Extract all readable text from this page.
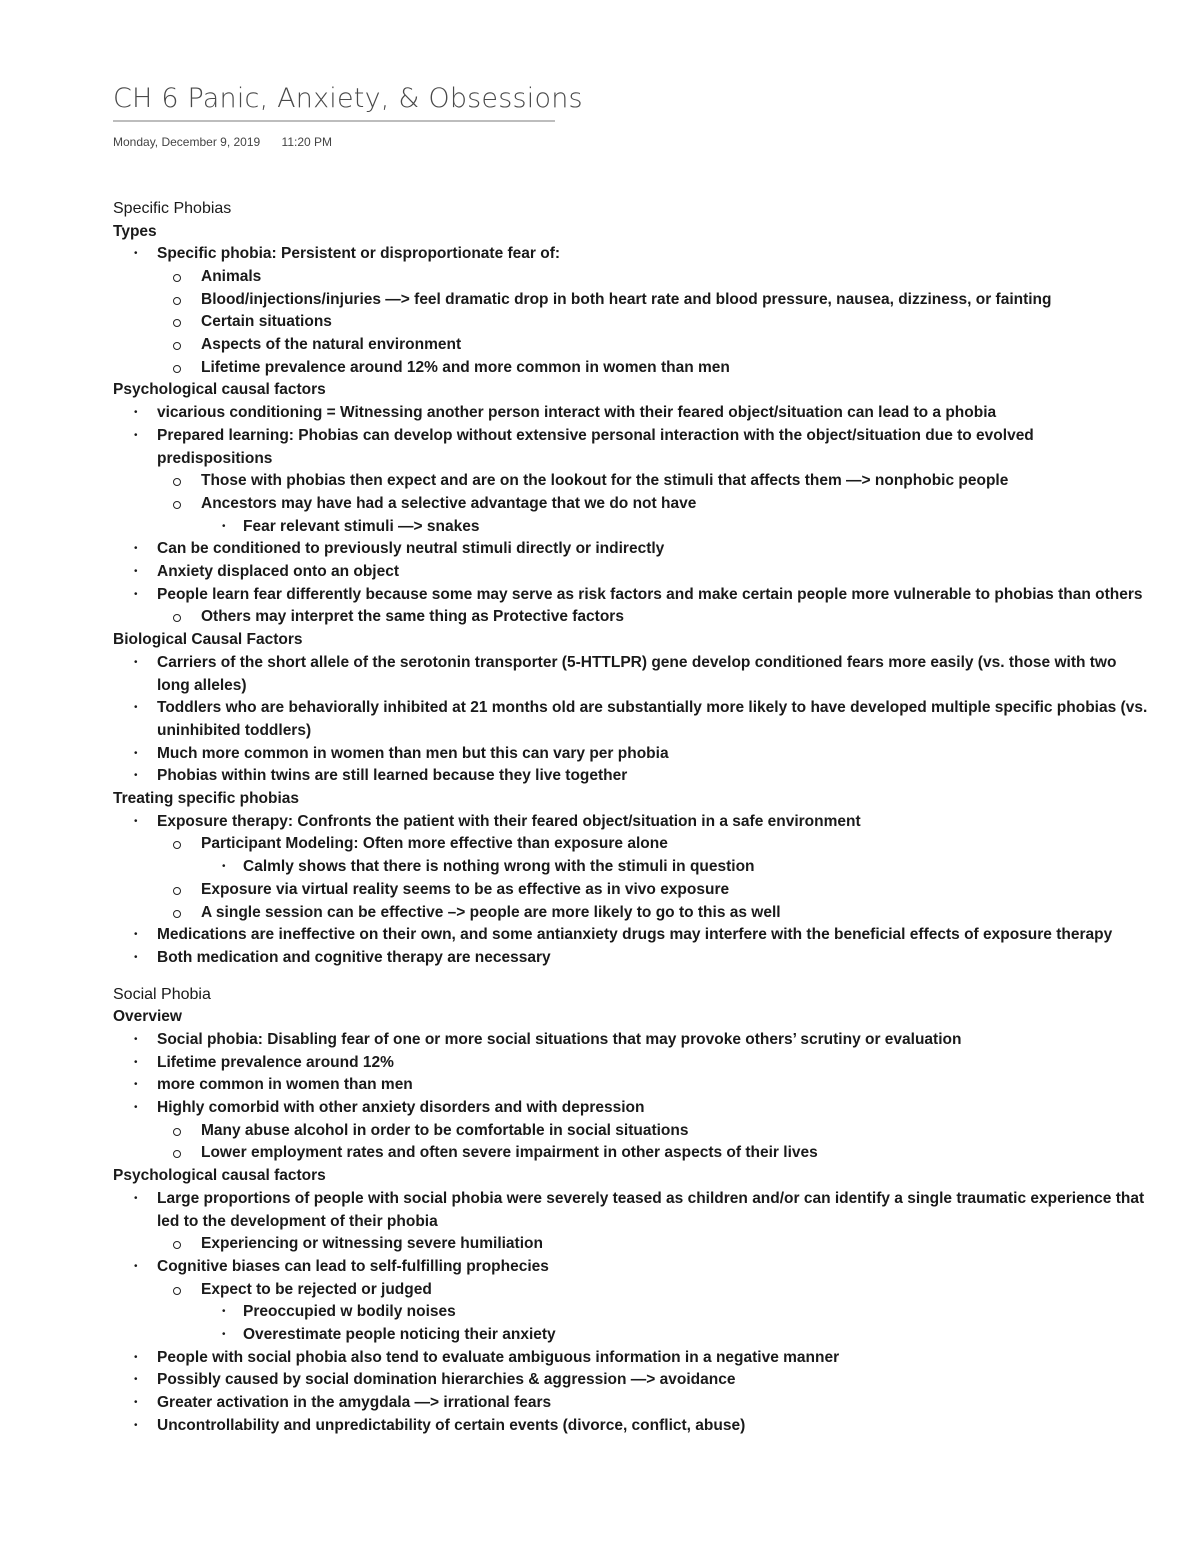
CH 6 Panic, Anxiety, & Obsessions
Monday, December 9, 2019 11:20 PM
Specific Phobias
Types
• Specific phobia: Persistent or disproportionate fear of:
Animals
Blood/injections/injuries —> feel dramatic drop in both heart rate and blood pressure, nausea, dizziness, or fainting
Certain situations
Aspects of the natural environment
Lifetime prevalence around 12% and more common in women than men
Psychological causal factors
• vicarious conditioning = Witnessing another person interact with their feared object/situation can lead to a phobia
• Prepared learning: Phobias can develop without extensive personal interaction with the object/situation due to evolved predispositions
Those with phobias then expect and are on the lookout for the stimuli that affects them —> nonphobic people
Ancestors may have had a selective advantage that we do not have
• Fear relevant stimuli —> snakes
• Can be conditioned to previously neutral stimuli directly or indirectly
• Anxiety displaced onto an object
• People learn fear differently because some may serve as risk factors and make certain people more vulnerable to phobias than others
Others may interpret the same thing as Protective factors
Biological Causal Factors
• Carriers of the short allele of the serotonin transporter (5-HTTLPR) gene develop conditioned fears more easily (vs. those with two long alleles)
• Toddlers who are behaviorally inhibited at 21 months old are substantially more likely to have developed multiple specific phobias (vs. uninhibited toddlers)
• Much more common in women than men but this can vary per phobia
• Phobias within twins are still learned because they live together
Treating specific phobias
• Exposure therapy: Confronts the patient with their feared object/situation in a safe environment
Participant Modeling: Often more effective than exposure alone
• Calmly shows that there is nothing wrong with the stimuli in question
Exposure via virtual reality seems to be as effective as in vivo exposure
A single session can be effective –> people are more likely to go to this as well
• Medications are ineffective on their own, and some antianxiety drugs may interfere with the beneficial effects of exposure therapy
• Both medication and cognitive therapy are necessary
Social Phobia
Overview
• Social phobia: Disabling fear of one or more social situations that may provoke others’ scrutiny or evaluation
• Lifetime prevalence around 12%
• more common in women than men
• Highly comorbid with other anxiety disorders and with depression
Many abuse alcohol in order to be comfortable in social situations
Lower employment rates and often severe impairment in other aspects of their lives
Psychological causal factors
• Large proportions of people with social phobia were severely teased as children and/or can identify a single traumatic experience that led to the development of their phobia
Experiencing or witnessing severe humiliation
• Cognitive biases can lead to self-fulfilling prophecies
Expect to be rejected or judged
• Preoccupied w bodily noises
• Overestimate people noticing their anxiety
• People with social phobia also tend to evaluate ambiguous information in a negative manner
• Possibly caused by social domination hierarchies & aggression —> avoidance
• Greater activation in the amygdala —> irrational fears
• Uncontrollability and unpredictability of certain events (divorce, conflict, abuse)
